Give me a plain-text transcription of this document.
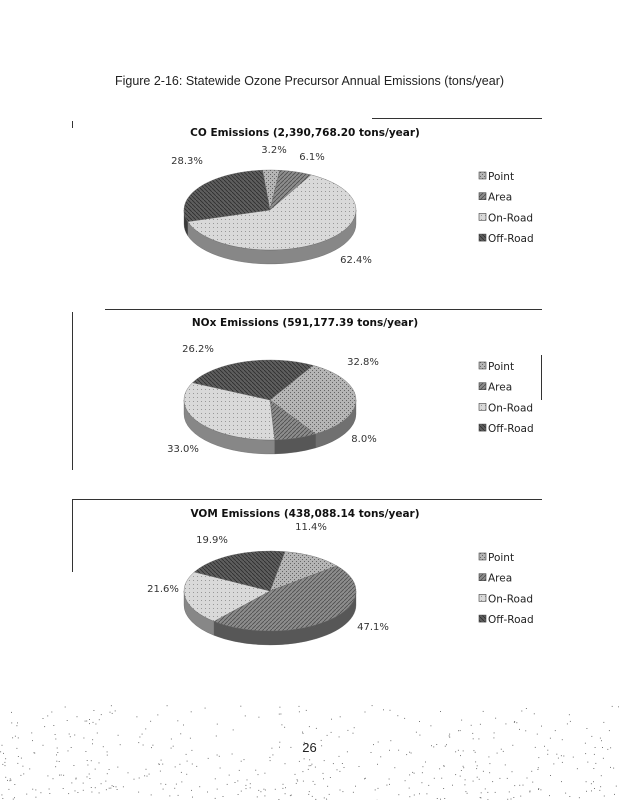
Figure 2-16: Statewide Ozone Precursor Annual Emissions (tons/year)
CO Emissions (2,390,768.20 tons/year)
3.2%
6.1%
62.4%
28.3%
Point
Area
On-Road
Off-Road
NOx Emissions (591,177.39 tons/year)
32.8%
8.0%
33.0%
26.2%
Point
Area
On-Road
Off-Road
VOM Emissions (438,088.14 tons/year)
11.4%
47.1%
21.6%
19.9%
Point
Area
On-Road
Off-Road
26
